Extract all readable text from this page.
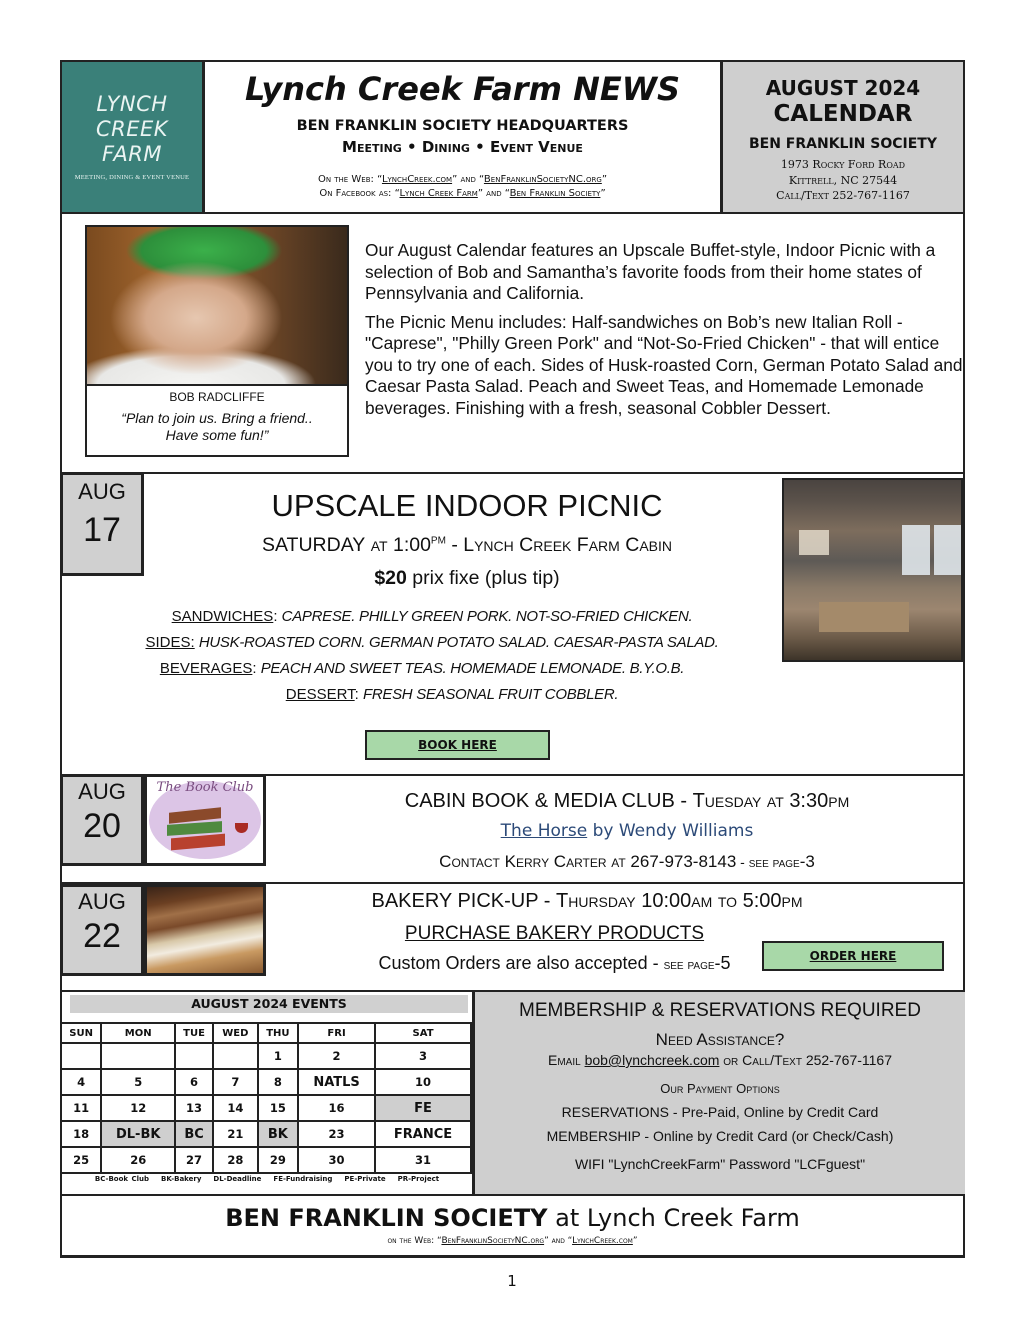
LYNCH
CREEK
FARM
MEETING, DINING & EVENT VENUE
Lynch Creek Farm NEWS
BEN FRANKLIN SOCIETY HEADQUARTERS
Meeting • Dining • Event Venue
On the Web: “LynchCreek.com” and “BenFranklinSocietyNC.org”
On Facebook as: “Lynch Creek Farm” and “Ben Franklin Society”
AUGUST 2024
CALENDAR
BEN FRANKLIN SOCIETY
1973 Rocky Ford Road
Kittrell, NC 27544
Call/Text 252-767-1167
BOB RADCLIFFE
“Plan to join us. Bring a friend..
Have some fun!”

Our August Calendar features an Upscale Buffet-style, Indoor Picnic with a selection of Bob and Samantha’s favorite foods from their home states of Pennsylvania and California.

The Picnic Menu includes: Half-sandwiches on Bob’s new Italian Roll -"Caprese", "Philly Green Pork" and “Not-So-Fried Chicken" - that will entice you to try one of each. Sides of Husk-roasted Corn, German Potato Salad and Caesar Pasta Salad. Peach and Sweet Teas, and Homemade Lemonade beverages. Finishing with a fresh, seasonal Cobbler Dessert.

AUG
17
UPSCALE INDOOR PICNIC
SATURDAY at $1:00^{PM}$ - Lynch Creek Farm Cabin
$20 prix fixe (plus tip)
SANDWICHES: CAPRESE. PHILLY GREEN PORK. NOT-SO-FRIED CHICKEN.
SIDES: HUSK-ROASTED CORN. GERMAN POTATO SALAD. CAESAR-PASTA SALAD.
BEVERAGES: PEACH AND SWEET TEAS. HOMEMADE LEMONADE. B.Y.O.B.
DESSERT: FRESH SEASONAL FRUIT COBBLER.
BOOK HERE
AUG
20
The Book Club
CABIN BOOK & MEDIA CLUB - Tuesday at 3:30pm
The Horse by Wendy Williams
Contact Kerry Carter at 267-973-8143 - see page-3
AUG
22
BAKERY PICK-UP - Thursday 10:00am to 5:00pm
PURCHASE BAKERY PRODUCTS
Custom Orders are also accepted - see page-5	ORDER HERE
AUGUST 2024 EVENTS
SUN	MON	TUE	WED	THU	FRI	SAT
				1	2	3
4	5	6	7	8	NATLS	10
11	12	13	14	15	16	FE
18	DL-BK	BC	21	BK	23	FRANCE
25	26	27	28	29	30	31
BC-Book Club BK-Bakery DL-Deadline FE-Fundraising PE-Private PR-Project
MEMBERSHIP & RESERVATIONS REQUIRED
Need Assistance?
Email bob@lynchcreek.com or Call/Text 252-767-1167
Our Payment Options
RESERVATIONS - Pre-Paid, Online by Credit Card
MEMBERSHIP - Online by Credit Card (or Check/Cash)
WIFI "LynchCreekFarm" Password "LCFguest"
BEN FRANKLIN SOCIETY at Lynch Creek Farm
on the Web: “BenFranklinSocietyNC.org” and “LynchCreek.com”
1
